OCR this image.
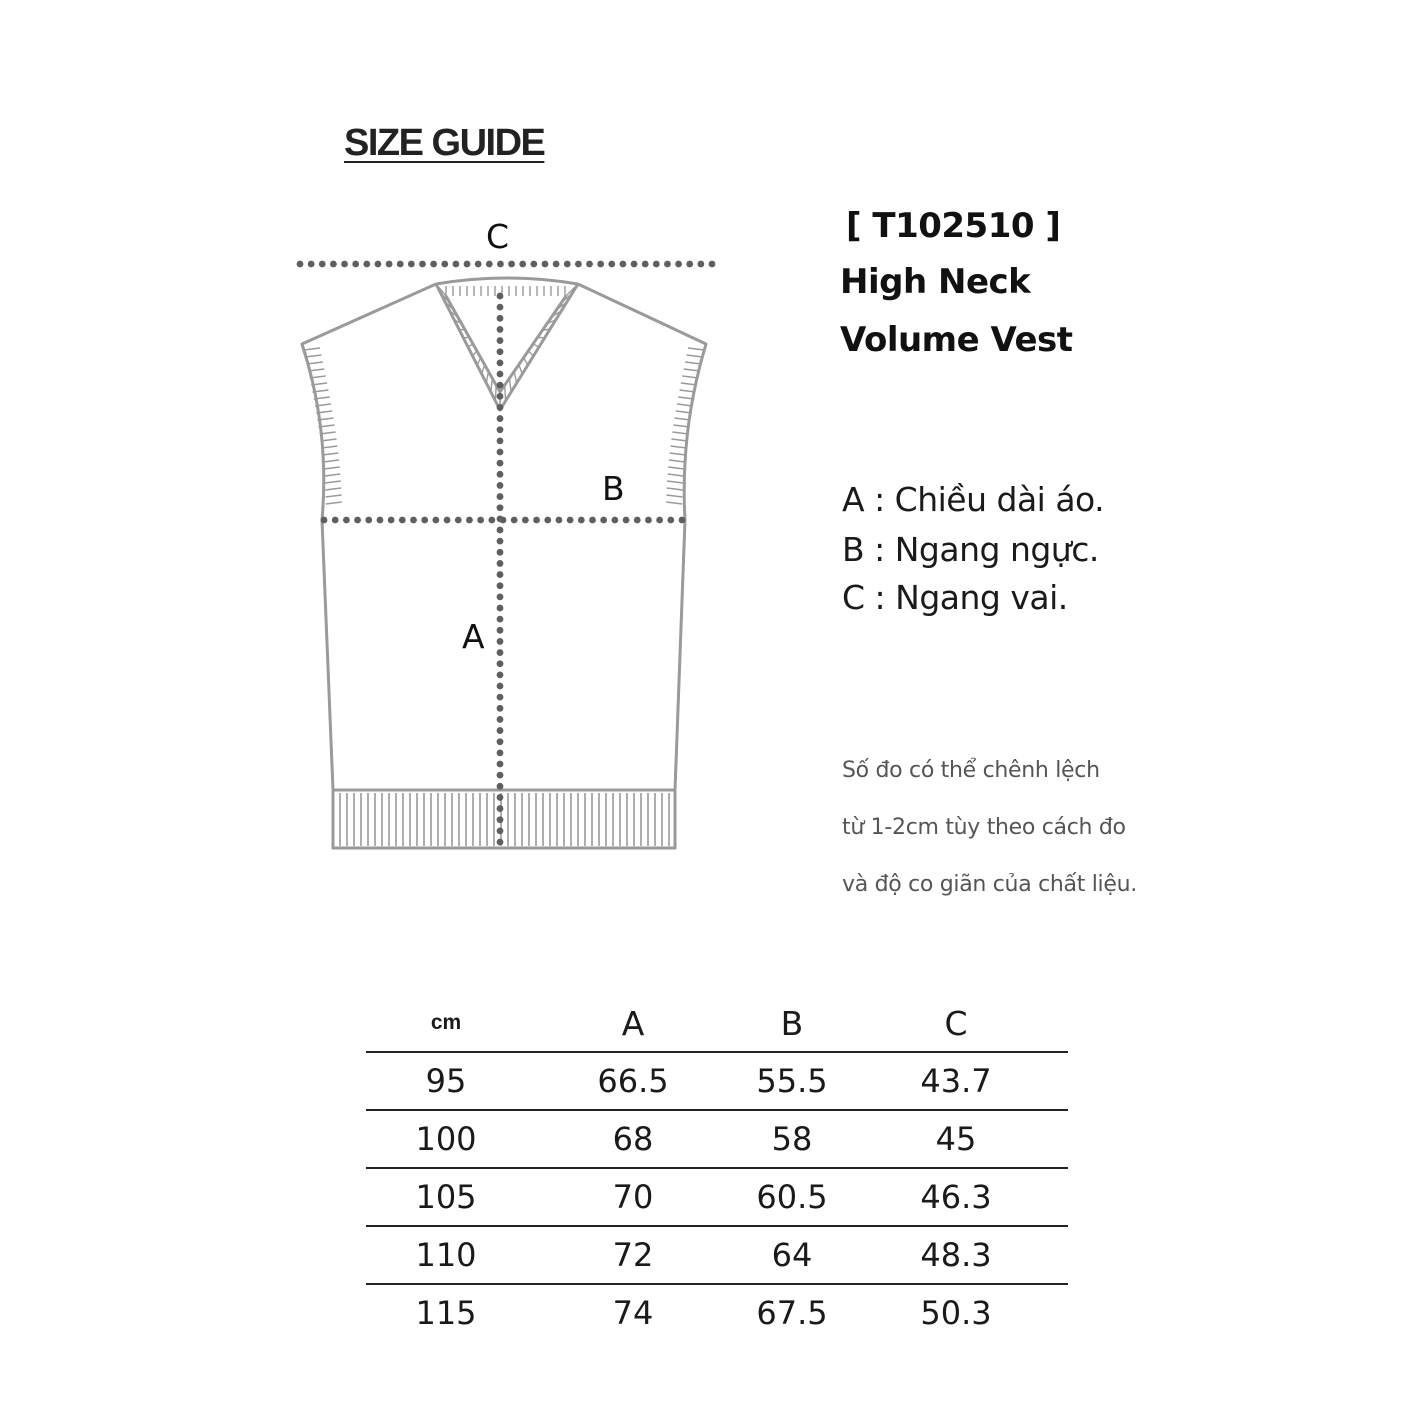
SIZE GUIDE
C
B
A
[ T102510 ]
High Neck
Volume Vest
A : Chiều dài áo.
B : Ngang ngực.
C : Ngang vai.
Số đo có thể chênh lệch
từ 1-2cm tùy theo cách đo
và độ co giãn của chất liệu.
cm	A	B	C
95	66.5	55.5	43.7
100	68	58	45
105	70	60.5	46.3
110	72	64	48.3
115	74	67.5	50.3
